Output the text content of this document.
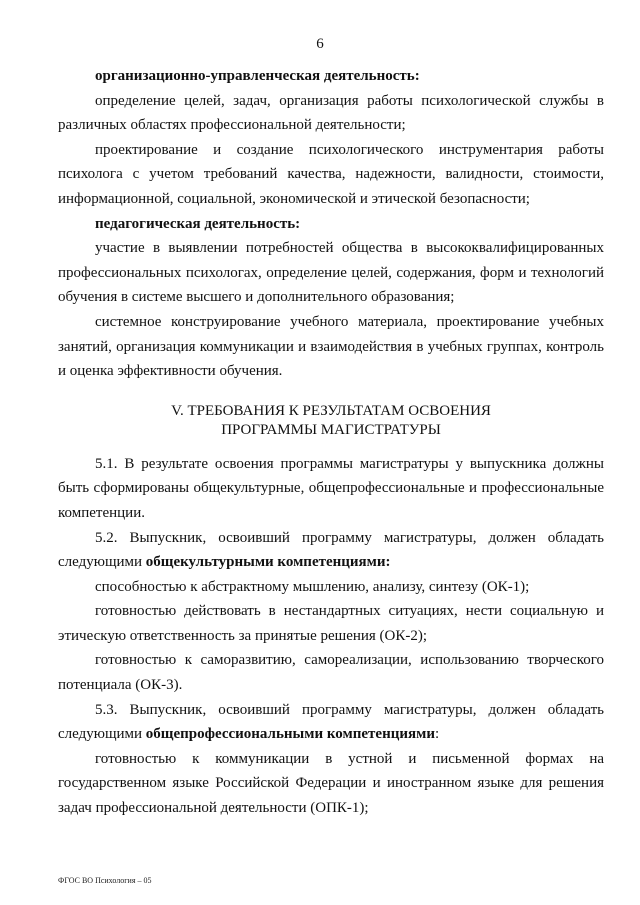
6

организационно-управленческая деятельность:

определение целей, задач, организация работы психологической службы в различных областях профессиональной деятельности;

проектирование и создание психологического инструментария работы психолога с учетом требований качества, надежности, валидности, стоимости, информационной, социальной, экономической и этической безопасности;

педагогическая деятельность:

участие в выявлении потребностей общества в высококвалифицированных профессиональных психологах, определение целей, содержания, форм и технологий обучения в системе высшего и дополнительного образования;

системное конструирование учебного материала, проектирование учебных занятий, организация коммуникации и взаимодействия в учебных группах, контроль и оценка эффективности обучения.

V. ТРЕБОВАНИЯ К РЕЗУЛЬТАТАМ ОСВОЕНИЯ
ПРОГРАММЫ МАГИСТРАТУРЫ

5.1. В результате освоения программы магистратуры у выпускника должны быть сформированы общекультурные, общепрофессиональные и профессиональные компетенции.

5.2. Выпускник, освоивший программу магистратуры, должен обладать следующими общекультурными компетенциями:

способностью к абстрактному мышлению, анализу, синтезу (ОК-1);

готовностью действовать в нестандартных ситуациях, нести социальную и этическую ответственность за принятые решения (ОК-2);

готовностью к саморазвитию, самореализации, использованию творческого потенциала (ОК-3).

5.3. Выпускник, освоивший программу магистратуры, должен обладать следующими общепрофессиональными компетенциями:

готовностью к коммуникации в устной и письменной формах на государственном языке Российской Федерации и иностранном языке для решения задач профессиональной деятельности (ОПК-1);

ФГОС ВО Психология – 05
